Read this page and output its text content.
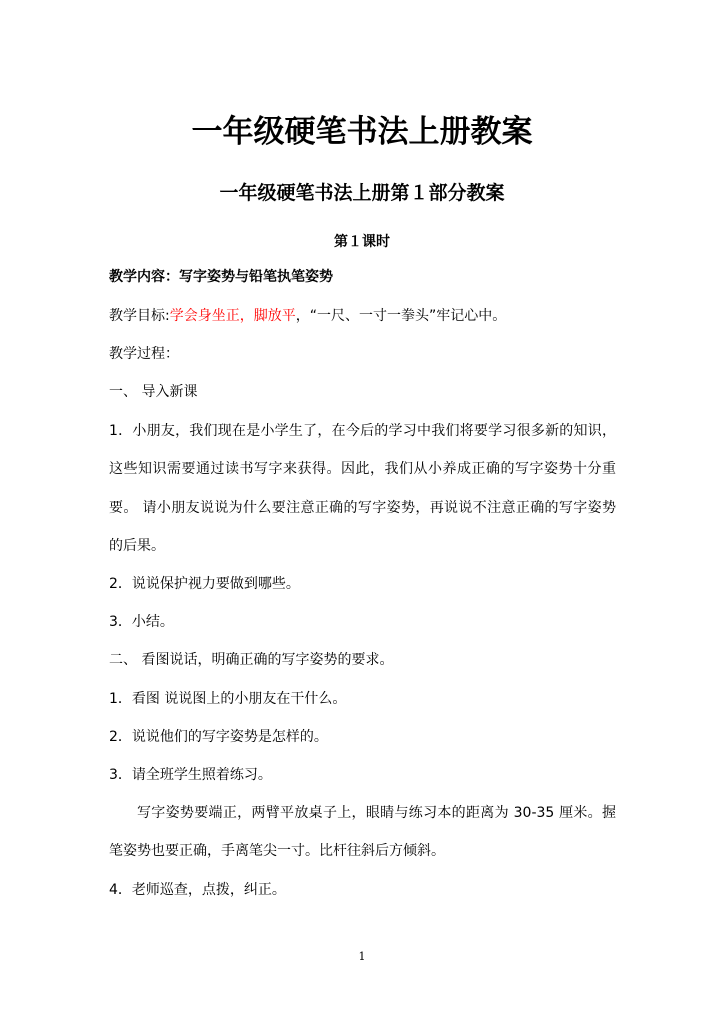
一年级硬笔书法上册教案
一年级硬笔书法上册第１部分教案
第１课时
教学内容：写字姿势与铅笔执笔姿势
教学目标:学会身坐正，脚放平，“一尺、一寸一拳头”牢记心中。
教学过程：
一、 导入新课
1．小朋友，我们现在是小学生了，在今后的学习中我们将要学习很多新的知识，这些知识需要通过读书写字来获得。因此，我们从小养成正确的写字姿势十分重要。 请小朋友说说为什么要注意正确的写字姿势，再说说不注意正确的写字姿势的后果。
2．说说保护视力要做到哪些。
3．小结。
二、 看图说话，明确正确的写字姿势的要求。
1．看图 说说图上的小朋友在干什么。
2．说说他们的写字姿势是怎样的。
3．请全班学生照着练习。
写字姿势要端正，两臂平放桌子上，眼睛与练习本的距离为 30-35 厘米。握笔姿势也要正确，手离笔尖一寸。比杆往斜后方倾斜。
4．老师巡查，点拨，纠正。
1
